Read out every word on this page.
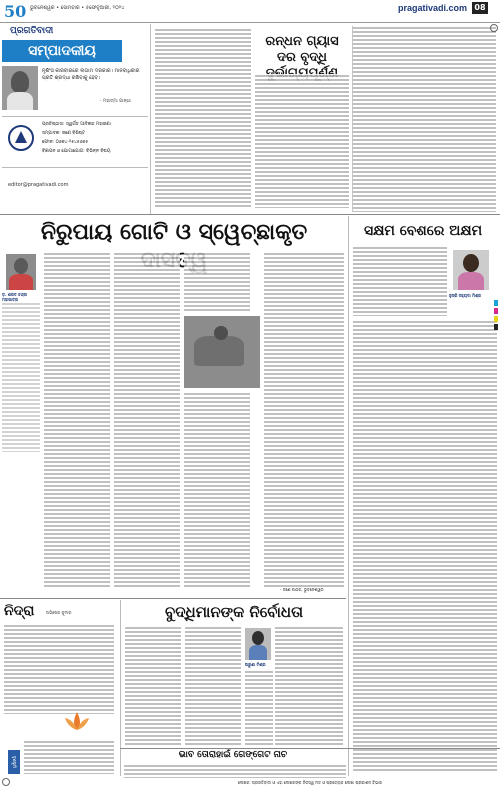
50 ଭୁବନେଶ୍ୱର • ସୋମବାର • ୫ଫେବୃଆରୀ, ୨୦୨୪	pragativadi.com 08
ପ୍ରଗତିବାଦୀ
ସମ୍ପାଦକୀୟ
ନୃଶିଂସ କାରବାରରେ ଲଗାମ ଦରକାର। ମାନବାଧିକାର ପ୍ରତି ଶ୍ରଦ୍ଧା ରଖିବାକୁ ହେବ।
- ମହାତ୍ମା ଗାନ୍ଧୀ
ପ୍ରତିଷ୍ଠାତା: ସ୍ୱର୍ଗତ ଆଦିକନ୍ଦ ମହାରଣା
ସମ୍ପାଦକ: ଜଣେ ବିଶିଷ୍ଟ
ଫୋନ: ୦୬୭୪-୨୫୪୫୬୬୫
ବିଜ୍ଞାପନ ଓ ଯୋଗାଯୋଗ: ବିଭିନ୍ନ ବିଷୟ
editor@pragativadi.com
ରନ୍ଧନ ଗ୍ୟାସ ଦର ବୃଦ୍ଧି
ନିରୁପାୟ ଗୋଟି ଓ ସ୍ୱେଚ୍ଛାକୃତ
ଡ଼. ଶରଦ ଚନ୍ଦ୍ର ମହାପାତ୍ର
- ଜଣେ ପାଠକ, ଭୁବନେଶ୍ୱର
ସକ୍ଷମ ବେଶରେ ଅକ୍ଷମ
ନୁସରି ସହ୍ୟଦା ମିଶ୍ର
ନିଦ୍ରା	ଅଭିଷେକ କୁମାର
ତୃଣଭୂମି
ବୁଦ୍ଧିମାନଙ୍କ ନିର୍ବୋଧତା
ଅରୁଣା ମିଶ୍ର
ଭାବ ତୋରାହାଇଁ ଗେଙ୍ଗେଟ ନାଚ
ଲେଖକ: ପ୍ରଗତିବାଦୀ ଓ ଏହା ଲେଖକଙ୍କ ନିଜସ୍ୱ ମତ ଓ ପ୍ରତ୍ୟେକ ଲେଖା ପ୍ରକାଶନ ବିଭାଗ
